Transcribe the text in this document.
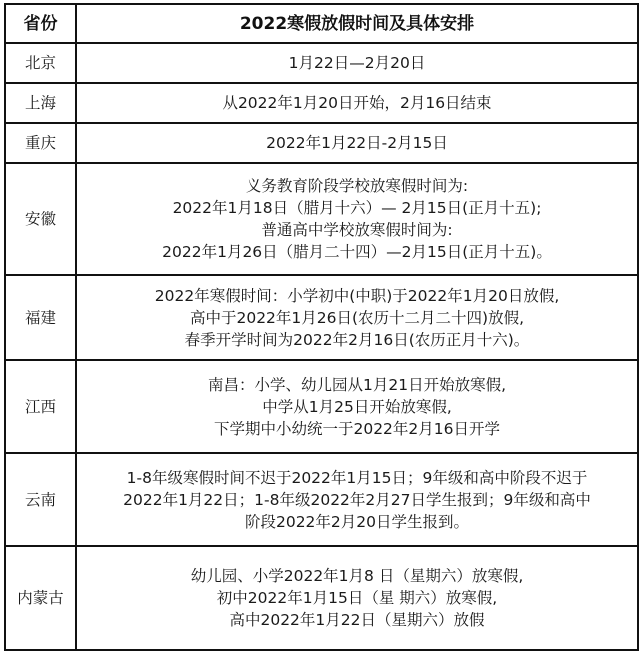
省份	2022寒假放假时间及具体安排
北京	1月22日—2月20日

上海	从2022年1月20日开始，2月16日结束

重庆	2022年1月22日-2月15日

安徽	义务教育阶段学校放寒假时间为:
2022年1月18日（腊月十六）— 2月15日(正月十五);
普通高中学校放寒假时间为:
2022年1月26日（腊月二十四）—2月15日(正月十五)。

福建	2022年寒假时间：小学初中(中职)于2022年1月20日放假,
高中于2022年1月26日(农历十二月二十四)放假,
春季开学时间为2022年2月16日(农历正月十六)。

江西	南昌：小学、幼儿园从1月21日开始放寒假,
中学从1月25日开始放寒假,
下学期中小幼统一于2022年2月16日开学

云南	1-8年级寒假时间不迟于2022年1月15日；9年级和高中阶段不迟于
2022年1月22日；1-8年级2022年2月27日学生报到；9年级和高中
阶段2022年2月20日学生报到。

内蒙古	幼儿园、小学2022年1月8 日（星期六）放寒假,
初中2022年1月15日（星 期六）放寒假,
高中2022年1月22日（星期六）放假
